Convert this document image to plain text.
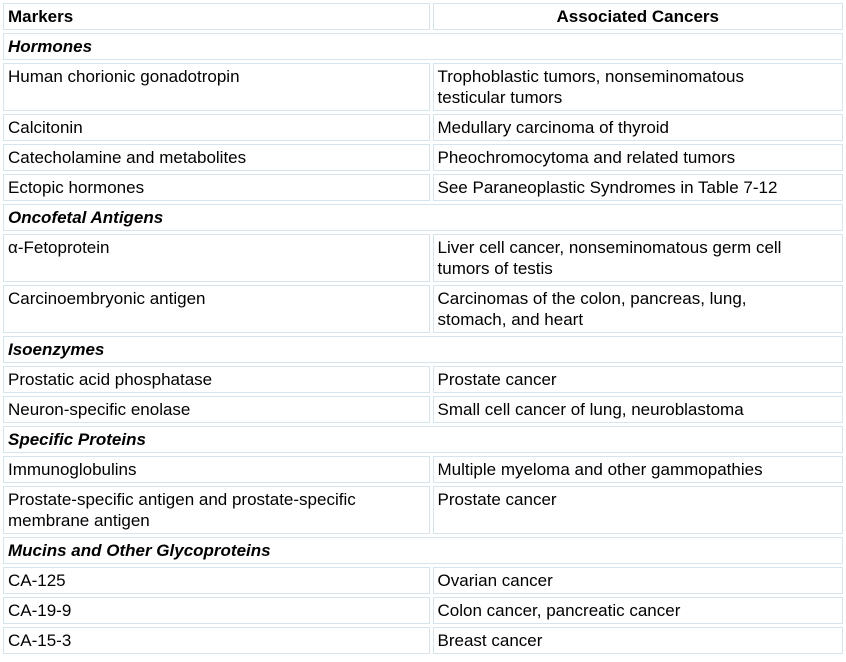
Markers	Associated Cancers
Hormones	
Human chorionic gonadotropin	Trophoblastic tumors, nonseminomatous
testicular tumors
Calcitonin	Medullary carcinoma of thyroid
Catecholamine and metabolites	Pheochromocytoma and related tumors
Ectopic hormones	See Paraneoplastic Syndromes in Table 7-12
Oncofetal Antigens	
α-Fetoprotein	Liver cell cancer, nonseminomatous germ cell
tumors of testis
Carcinoembryonic antigen	Carcinomas of the colon, pancreas, lung,
stomach, and heart
Isoenzymes	
Prostatic acid phosphatase	Prostate cancer
Neuron-specific enolase	Small cell cancer of lung, neuroblastoma
Specific Proteins	
Immunoglobulins	Multiple myeloma and other gammopathies
Prostate-specific antigen and prostate-specific
membrane antigen	Prostate cancer
Mucins and Other Glycoproteins	
CA-125	Ovarian cancer
CA-19-9	Colon cancer, pancreatic cancer
CA-15-3	Breast cancer
